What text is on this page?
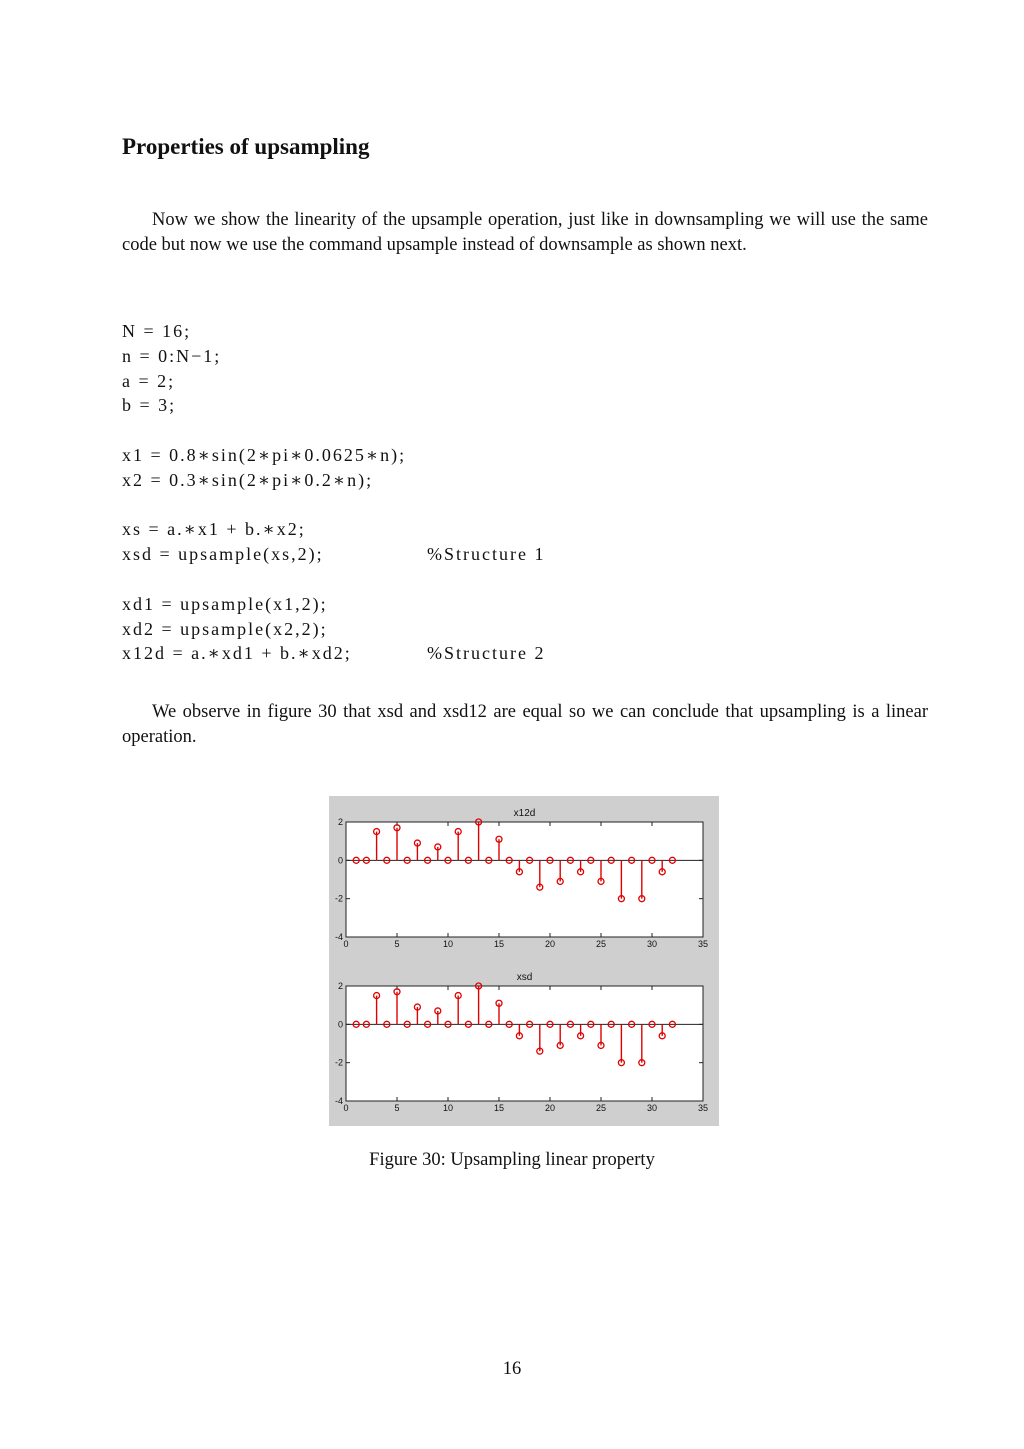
Properties of upsampling

Now we show the linearity of the upsample operation, just like in downsampling we will use the same code but now we use the command upsample instead of downsample as shown next.

N = 16;
n = 0:N−1;
a = 2;
b = 3;
x1 = 0.8∗sin(2∗pi∗0.0625∗n);
x2 = 0.3∗sin(2∗pi∗0.2∗n);
xs = a.∗x1 + b.∗x2;
xsd = upsample(xs,2);	%Structure 1
xd1 = upsample(x1,2);
xd2 = upsample(x2,2);
x12d = a.∗xd1 + b.∗xd2;	%Structure 2

We observe in figure 30 that xsd and xsd12 are equal so we can conclude that upsampling is a linear operation.

x12d
0	5	10	15	20	25	30	35
-4
-2
0
2
xsd
0	5	10	15	20	25	30	35
-4
-2
0
2
Figure 30: Upsampling linear property
16
